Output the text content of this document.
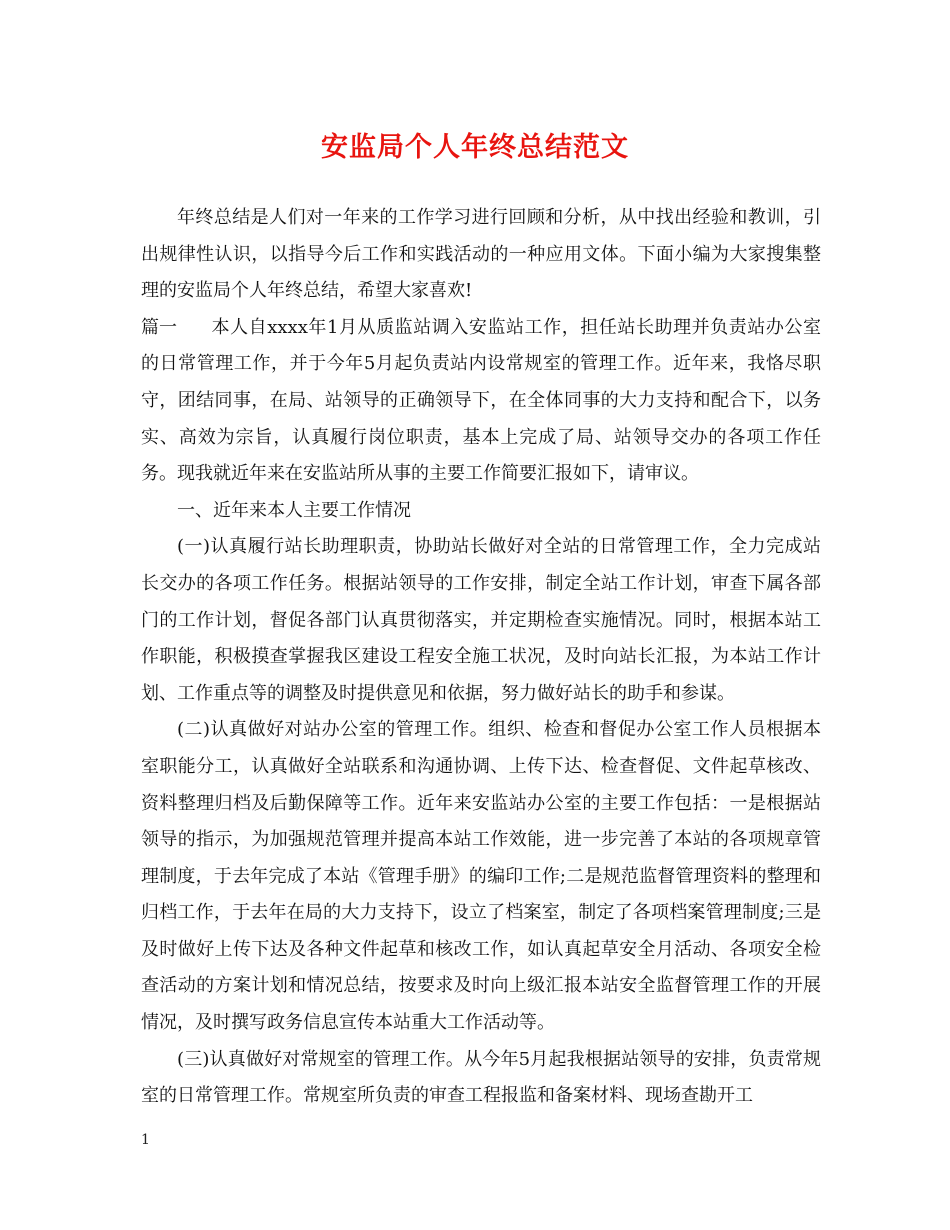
安监局个人年终总结范文

年终总结是人们对一年来的工作学习进行回顾和分析，从中找出经验和教训，引出规律性认识，以指导今后工作和实践活动的一种应用文体。下面小编为大家搜集整理的安监局个人年终总结，希望大家喜欢!

篇一 本人自xxxx年1月从质监站调入安监站工作，担任站长助理并负责站办公室的日常管理工作，并于今年5月起负责站内设常规室的管理工作。近年来，我恪尽职守，团结同事，在局、站领导的正确领导下，在全体同事的大力支持和配合下，以务实、高效为宗旨，认真履行岗位职责，基本上完成了局、站领导交办的各项工作任务。现我就近年来在安监站所从事的主要工作简要汇报如下，请审议。

一、近年来本人主要工作情况

(一)认真履行站长助理职责，协助站长做好对全站的日常管理工作，全力完成站长交办的各项工作任务。根据站领导的工作安排，制定全站工作计划，审查下属各部门的工作计划，督促各部门认真贯彻落实，并定期检查实施情况。同时，根据本站工作职能，积极摸查掌握我区建设工程安全施工状况，及时向站长汇报，为本站工作计划、工作重点等的调整及时提供意见和依据，努力做好站长的助手和参谋。

(二)认真做好对站办公室的管理工作。组织、检查和督促办公室工作人员根据本室职能分工，认真做好全站联系和沟通协调、上传下达、检查督促、文件起草核改、资料整理归档及后勤保障等工作。近年来安监站办公室的主要工作包括：一是根据站领导的指示，为加强规范管理并提高本站工作效能，进一步完善了本站的各项规章管理制度，于去年完成了本站《管理手册》的编印工作;二是规范监督管理资料的整理和归档工作，于去年在局的大力支持下，设立了档案室，制定了各项档案管理制度;三是及时做好上传下达及各种文件起草和核改工作，如认真起草安全月活动、各项安全检查活动的方案计划和情况总结，按要求及时向上级汇报本站安全监督管理工作的开展情况，及时撰写政务信息宣传本站重大工作活动等。

(三)认真做好对常规室的管理工作。从今年5月起我根据站领导的安排，负责常规室的日常管理工作。常规室所负责的审查工程报监和备案材料、现场查勘开工

1
